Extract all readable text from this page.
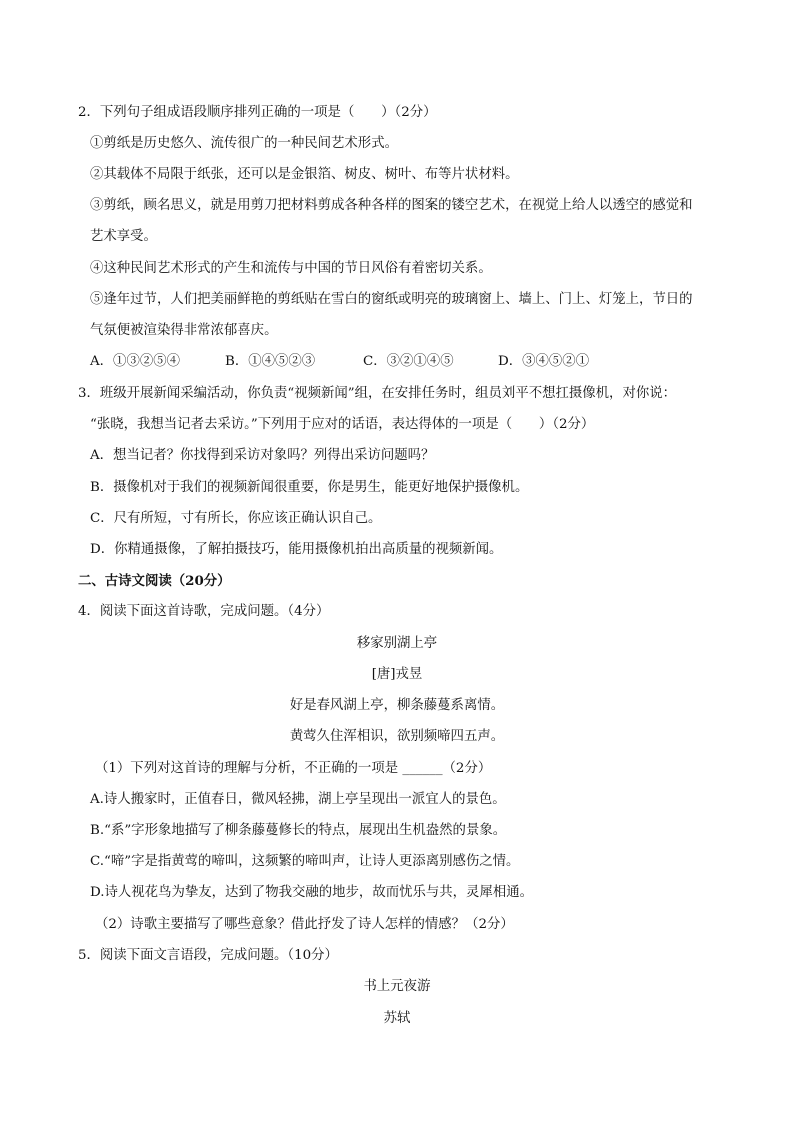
2．下列句子组成语段顺序排列正确的一项是（　　）（2分）
①剪纸是历史悠久、流传很广的一种民间艺术形式。
②其载体不局限于纸张，还可以是金银箔、树皮、树叶、布等片状材料。
③剪纸，顾名思义，就是用剪刀把材料剪成各种各样的图案的镂空艺术，在视觉上给人以透空的感觉和
艺术享受。
④这种民间艺术形式的产生和流传与中国的节日风俗有着密切关系。
⑤逢年过节，人们把美丽鲜艳的剪纸贴在雪白的窗纸或明亮的玻璃窗上、墙上、门上、灯笼上，节日的
气氛便被渲染得非常浓郁喜庆。
A．①③②⑤④	B．①④⑤②③	C．③②①④⑤	D．③④⑤②①
3．班级开展新闻采编活动，你负责“视频新闻”组，在安排任务时，组员刘平不想扛摄像机，对你说：
“张晓，我想当记者去采访。”下列用于应对的话语，表达得体的一项是（　　）（2分）
A．想当记者？你找得到采访对象吗？列得出采访问题吗？
B．摄像机对于我们的视频新闻很重要，你是男生，能更好地保护摄像机。
C．尺有所短，寸有所长，你应该正确认识自己。
D．你精通摄像，了解拍摄技巧，能用摄像机拍出高质量的视频新闻。
二、古诗文阅读（20分）
4．阅读下面这首诗歌，完成问题。（4分）
移家别湖上亭
[唐]戎昱
好是春风湖上亭，柳条藤蔓系离情。
黄莺久住浑相识，欲别频啼四五声。
（1）下列对这首诗的理解与分析，不正确的一项是 ______（2分）
A.诗人搬家时，正值春日，微风轻拂，湖上亭呈现出一派宜人的景色。
B.“系”字形象地描写了柳条藤蔓修长的特点，展现出生机盎然的景象。
C.“啼”字是指黄莺的啼叫，这频繁的啼叫声，让诗人更添离别感伤之情。
D.诗人视花鸟为挚友，达到了物我交融的地步，故而忧乐与共，灵犀相通。
（2）诗歌主要描写了哪些意象？借此抒发了诗人怎样的情感？（2分）
5．阅读下面文言语段，完成问题。（10分）
书上元夜游
苏轼
